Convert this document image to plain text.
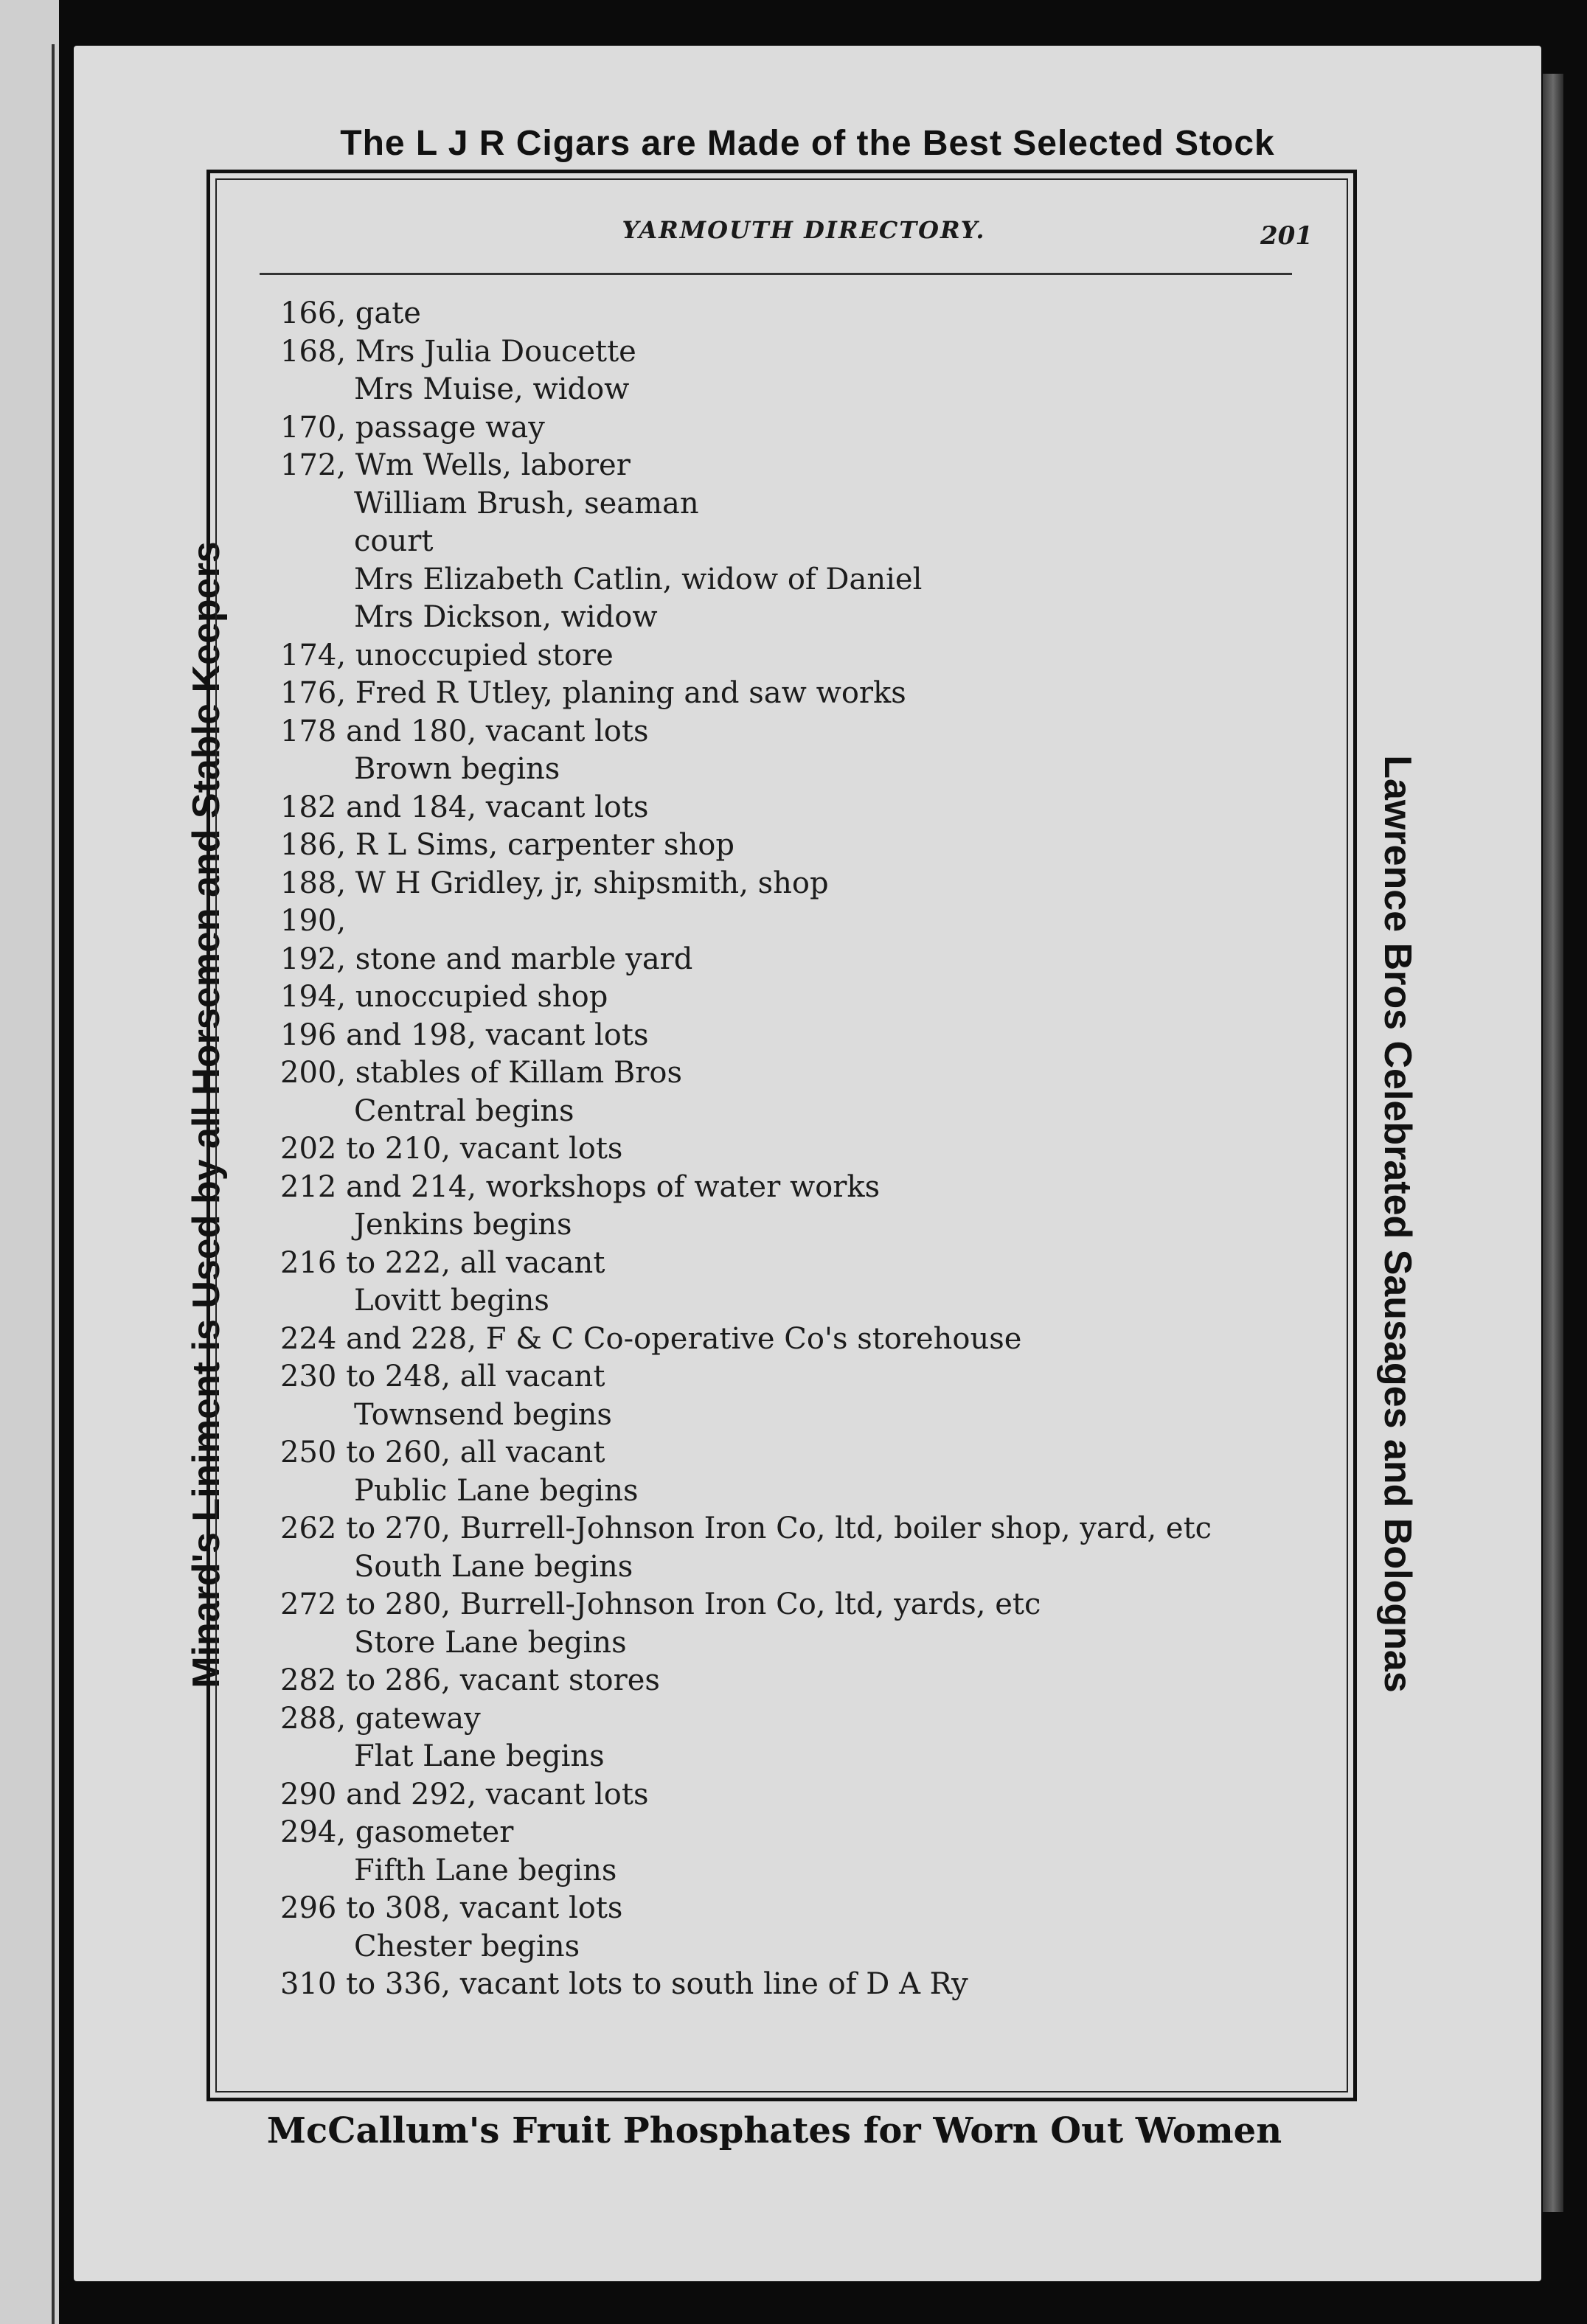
The L J R Cigars are Made of the Best Selected Stock
Minard's Liniment is Used by all Horsemen and Stable Keepers	Lawrence Bros Celebrated Sausages and Bolognas
YARMOUTH DIRECTORY.	201
166, gate
168, Mrs Julia Doucette
Mrs Muise, widow
170, passage way
172, Wm Wells, laborer
William Brush, seaman
court
Mrs Elizabeth Catlin, widow of Daniel
Mrs Dickson, widow
174, unoccupied store
176, Fred R Utley, planing and saw works
178 and 180, vacant lots
Brown begins
182 and 184, vacant lots
186, R L Sims, carpenter shop
188, W H Gridley, jr, shipsmith, shop
190,
192, stone and marble yard
194, unoccupied shop
196 and 198, vacant lots
200, stables of Killam Bros
Central begins
202 to 210, vacant lots
212 and 214, workshops of water works
Jenkins begins
216 to 222, all vacant
Lovitt begins
224 and 228, F & C Co-operative Co's storehouse
230 to 248, all vacant
Townsend begins
250 to 260, all vacant
Public Lane begins
262 to 270, Burrell-Johnson Iron Co, ltd, boiler shop, yard, etc
South Lane begins
272 to 280, Burrell-Johnson Iron Co, ltd, yards, etc
Store Lane begins
282 to 286, vacant stores
288, gateway
Flat Lane begins
290 and 292, vacant lots
294, gasometer
Fifth Lane begins
296 to 308, vacant lots
Chester begins
310 to 336, vacant lots to south line of D A Ry
McCallum's Fruit Phosphates for Worn Out Women
